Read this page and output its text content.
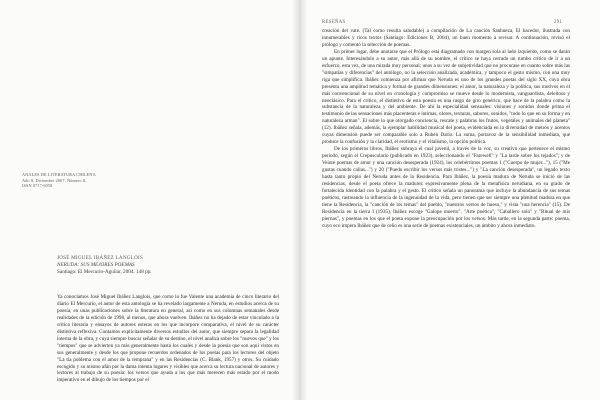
ANALES DE LITERATURA CHILENA
Año 8, Diciembre 2007, Número 8,
ISSN 0717-6058
JOSÉ MIGUEL IBÁÑEZ LANGLOIS
NERUDA: SUS MEJORES POEMAS
Santiago: El Mercurio-Aguilar, 2004. 148 pp.

Ya conocíamos José Miguel Ibáñez Langlois, que como lo fue Valente una academia de cinco literario del diario El Mercurio, el autor de esta antología se ha revelado largamente a Neruda, en estudios acerca de su poesía, en unas publicaciones sobre la literatura en general, así como en sus columnas semanales desde realidades de la edición de 1998, al menos, que ahora vuelven. Ibáñez no ha dejado de estar vinculado a la crítica literaria y ensayos de autores esteras en los que incorpore comparativa, el nivel de su carácter distintiva reflexiva. Contamos explícitamente diversos estudios del autor, que siempre separa la legalidad interna de la obra, y cuya siempre buscar señalar de su destino, el nivel analiza sobre los "nuevos que" y los "tiempos" que se advierten ya más generalmente hasta los cuales y desde la poesía que son aquí vistos en sus generalmente y desde los que propone recuerdos ordenados de los poetas para los lectores del objeto "La tía poblema con el amor de la temprana" y en las Residencias (C. Blank, 1957) y otros. Su cuidado escogido y su mismo afán por la dama intenta lugares y visibles que acerca su lectura nacional de autores y lectores al trabajo de su poesía: los versos que ayuda a los que más merecen más estado por el modo imperativo en el dibujo de los tiempos por el

RESEÑAS	291

creación del vate. (Tal como resulta saludable) a compilación de La canción Sanhueza, El hacedor, ilustrada con innumerables y ricos textos (Santiago: Ediciones B, 2004), un buen momento a revisar. A continuación, revisó el prólogo y comentó la selección de poemas.

En primer lugar, debe anotarse que el Prólogo está diagramado con margen sola al lado izquierdo, como se darán un apunte. Interesándolo a su autor, más allá de su nombre, el crítico se haya cerrado un rumbo crítico de ir a un esfuerzo, esta vez, de una mirada muy personal; unos a su vez de subjetividad que no procurase en cuanto sobre más las "simpatías y diferencias" del antólogo, no la selección analizada, académica, y tampoco el gesto mismo, con una muy riga que simplifica. Ibáñez comienza por afirmar que Neruda es uno de los grandes poetas del siglo XX, cuya obra presenta una amplitud temática y formal de grandes dimensiones: el amor, la naturaleza y la política, sus motivos en el más convencional de su nivel en cronología y compromiso se mueve desde lo modernista, vanguardista, deleitoso y neoclásico. Para el crítico, el distintivo de esta poesía es una rasgo de giro genérico, que hace de la palabra como la substancia de la naturaleza y del ambiente. De ahí la especialidad sensuales: visiones y sonidos donde prima el testimonio de las sensaciones más placenteras e íntimas, olores, texturas, sabores, sonidos, "todo lo que en su forma y en naturaleza arman". El sobre lo que otorgado conciencia, rescate y palabras los frutos, vegetales y animales del planeta" (12). Ibáñez señala, además, la ejemplar habilidad musical del poeta, evidenciada en la diversidad de metros y acentos cuyas dimensión puede ser comparable solo a Rubén Darío. La suma, portavoz de la sensibilidad inmediata, que produce la confusión y la claridad, el erotismo y el vitalismo, la opción política.

De los primeros libros, Ibáñez subraya el cual juvenil, a través de la voz, su creativo que pertenece el mismo periodo, según el Crepusculario (publicado en 1923), seleccionando el "Farewell" y "La tarde sobre los tejados"; y de Veinte poemas de amor y una canción desesperada (1924), los celebérrimos poemas 1 ("Cuerpo de mujer..."), 15 ("Me gustas cuando callas...") y 20 ("Puedo escribir los versos más tristes...") y "La canción desesperada", un legado texto hasta tanto propio del Neruda antes de la Residencia. Para Ibáñez, la poesía madura de Neruda se inició de las residencias, desde el poeta ofrece la madurez expresivamente plena de la metafísica nerudiana, en su grado de fortalecida identidad con la palabra y el gesto. El crítico señala un panorama que incluye la abundancia de sus temas poéticos, rastreando la influencia de la ingenuidad de la vida, pero tienen que ser siempre una plenitud madura en que tiene la Residencia, la "canción de los temas" del pueblo, "nuestros versos de hueso," y vista "una herencia" (15). De Residencia en la tierra I (1935), Ibáñez escoge "Galope muerto", "Arte poética", "Caballero solo" y "Ritual de mis piernas", y poemas en los que el poeta expone la preocupación por los versos. Más tarde, en la segunda parte: poema, cuyo eco impera Ibáñez que de ceño es una serie de poemas existenciales, un ámbito y ahora inmediato.
